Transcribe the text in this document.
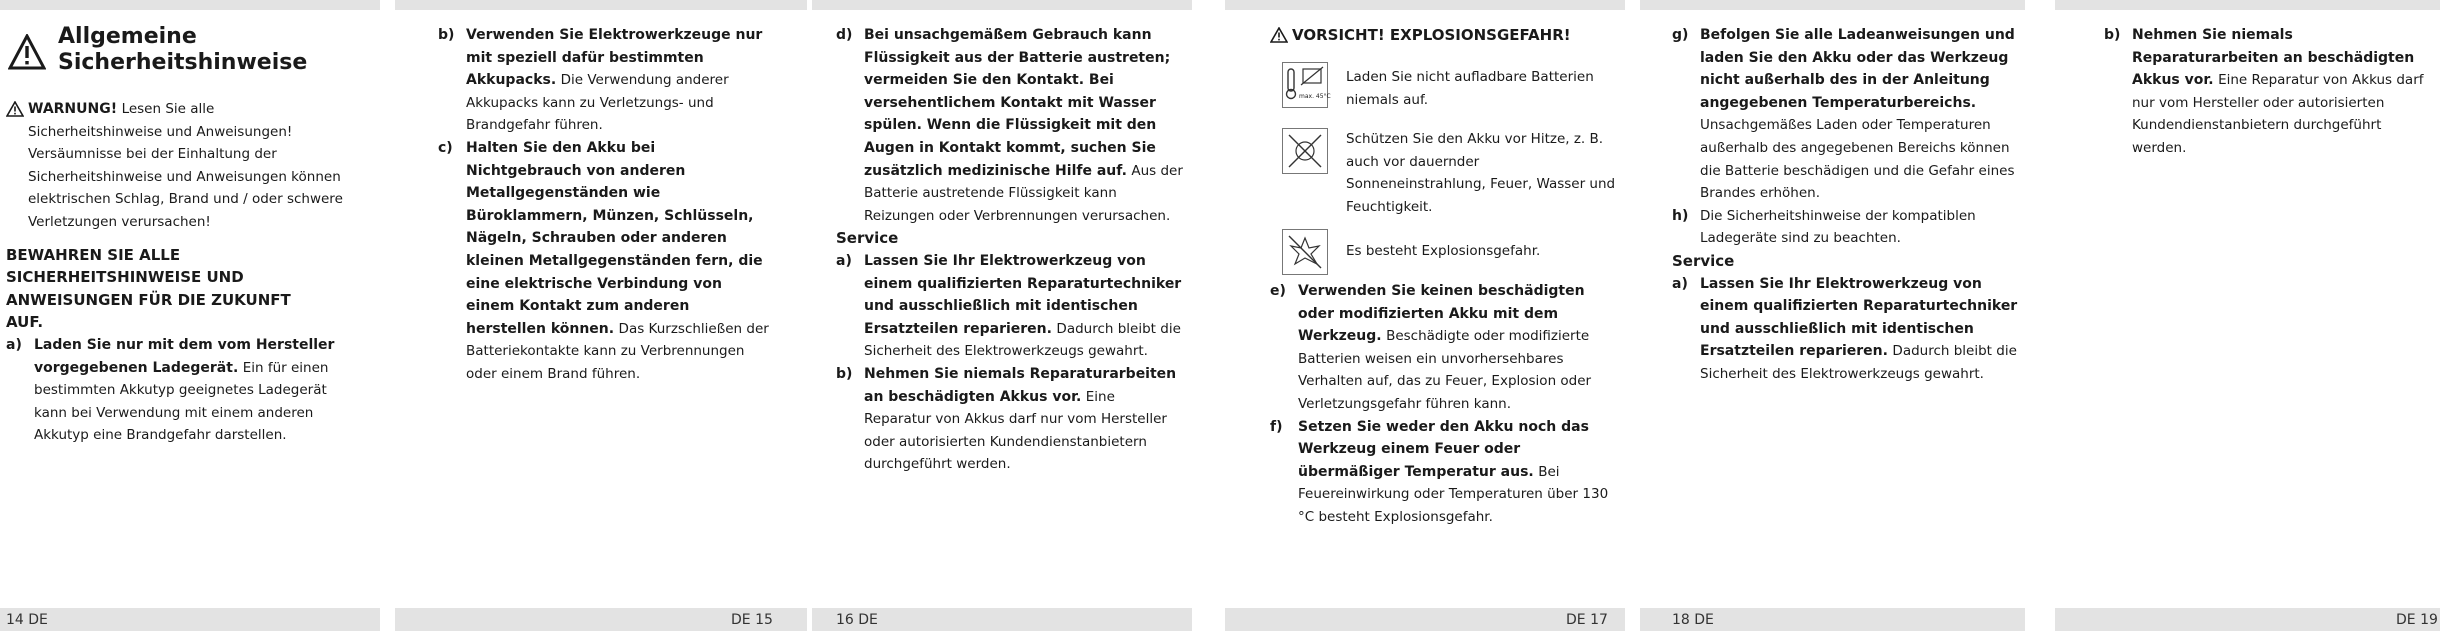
14 DE	DE 15	16 DE	DE 17	18 DE	DE 19
Allgemeine Sicherheitshinweise
WARNUNG! Lesen Sie alle Sicherheitshinweise und Anweisungen! Versäumnisse bei der Einhaltung der Sicherheitshinweise und Anweisungen können elektrischen Schlag, Brand und / oder schwere Verletzungen verursachen!

BEWAHREN SIE ALLE SICHERHEITSHINWEISE UND ANWEISUNGEN FÜR DIE ZUKUNFT AUF.

a) Laden Sie nur mit dem vom Hersteller vorgegebenen Ladegerät. Ein für einen bestimmten Akkutyp geeignetes Ladegerät kann bei Verwendung mit einem anderen Akkutyp eine Brandgefahr darstellen.
b) Verwenden Sie Elektrowerkzeuge nur mit speziell dafür bestimmten Akkupacks. Die Verwendung anderer Akkupacks kann zu Verletzungs- und Brandgefahr führen.
c) Halten Sie den Akku bei Nichtgebrauch von anderen Metallgegenständen wie Büroklammern, Münzen, Schlüsseln, Nägeln, Schrauben oder anderen kleinen Metallgegenständen fern, die eine elektrische Verbindung von einem Kontakt zum anderen herstellen können. Das Kurzschließen der Batteriekontakte kann zu Verbrennungen oder einem Brand führen.
d) Bei unsachgemäßem Gebrauch kann Flüssigkeit aus der Batterie austreten; vermeiden Sie den Kontakt. Bei versehentlichem Kontakt mit Wasser spülen. Wenn die Flüssigkeit mit den Augen in Kontakt kommt, suchen Sie zusätzlich medizinische Hilfe auf. Aus der Batterie austretende Flüssigkeit kann Reizungen oder Verbrennungen verursachen.

Service

a) Lassen Sie Ihr Elektrowerkzeug von einem qualifizierten Reparaturtechniker und ausschließlich mit identischen Ersatzteilen reparieren. Dadurch bleibt die Sicherheit des Elektrowerkzeugs gewahrt.
b) Nehmen Sie niemals Reparaturarbeiten an beschädigten Akkus vor. Eine Reparatur von Akkus darf nur vom Hersteller oder autorisierten Kundendienstanbietern durchgeführt werden.
VORSICHT! EXPLOSIONSGEFAHR!
max. 45°C

Laden Sie nicht aufladbare Batterien niemals auf.

Schützen Sie den Akku vor Hitze, z. B. auch vor dauernder Sonneneinstrahlung, Feuer, Wasser und Feuchtigkeit.

Es besteht Explosionsgefahr.

e) Verwenden Sie keinen beschädigten oder modifizierten Akku mit dem Werkzeug. Beschädigte oder modifizierte Batterien weisen ein unvorhersehbares Verhalten auf, das zu Feuer, Explosion oder Verletzungsgefahr führen kann.
f) Setzen Sie weder den Akku noch das Werkzeug einem Feuer oder übermäßiger Temperatur aus. Bei Feuereinwirkung oder Temperaturen über 130 °C besteht Explosionsgefahr.
g) Befolgen Sie alle Ladeanweisungen und laden Sie den Akku oder das Werkzeug nicht außerhalb des in der Anleitung angegebenen Temperaturbereichs. Unsachgemäßes Laden oder Temperaturen außerhalb des angegebenen Bereichs können die Batterie beschädigen und die Gefahr eines Brandes erhöhen.
h) Die Sicherheitshinweise der kompatiblen Ladegeräte sind zu beachten.

Service

a) Lassen Sie Ihr Elektrowerkzeug von einem qualifizierten Reparaturtechniker und ausschließlich mit identischen Ersatzteilen reparieren. Dadurch bleibt die Sicherheit des Elektrowerkzeugs gewahrt.
b) Nehmen Sie niemals Reparaturarbeiten an beschädigten Akkus vor. Eine Reparatur von Akkus darf nur vom Hersteller oder autorisierten Kundendienstanbietern durchgeführt werden.
